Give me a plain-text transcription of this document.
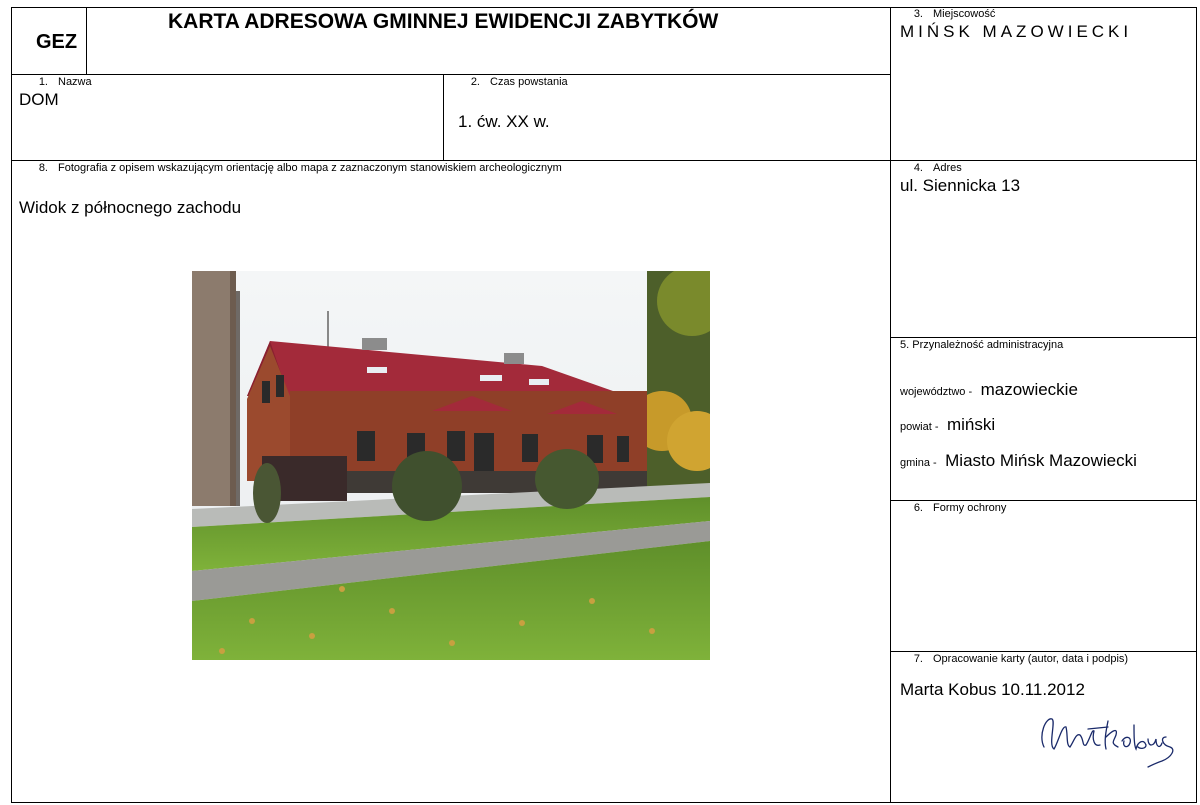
GEZ
KARTA ADRESOWA GMINNEJ EWIDENCJI ZABYTKÓW	3. Miejscowość
MIŃSK MAZOWIECKI
1. Nazwa
DOM
2. Czas powstania
1. ćw. XX w.
8. Fotografia z opisem wskazującym orientację albo mapa z zaznaczonym stanowiskiem archeologicznym
Widok z północnego zachodu
4. Adres
ul. Siennicka 13
5. Przynależność administracyjna
województwo - mazowieckie
powiat - miński
gmina - Miasto Mińsk Mazowiecki
6. Formy ochrony
7. Opracowanie karty (autor, data i podpis)
Marta Kobus 10.11.2012
